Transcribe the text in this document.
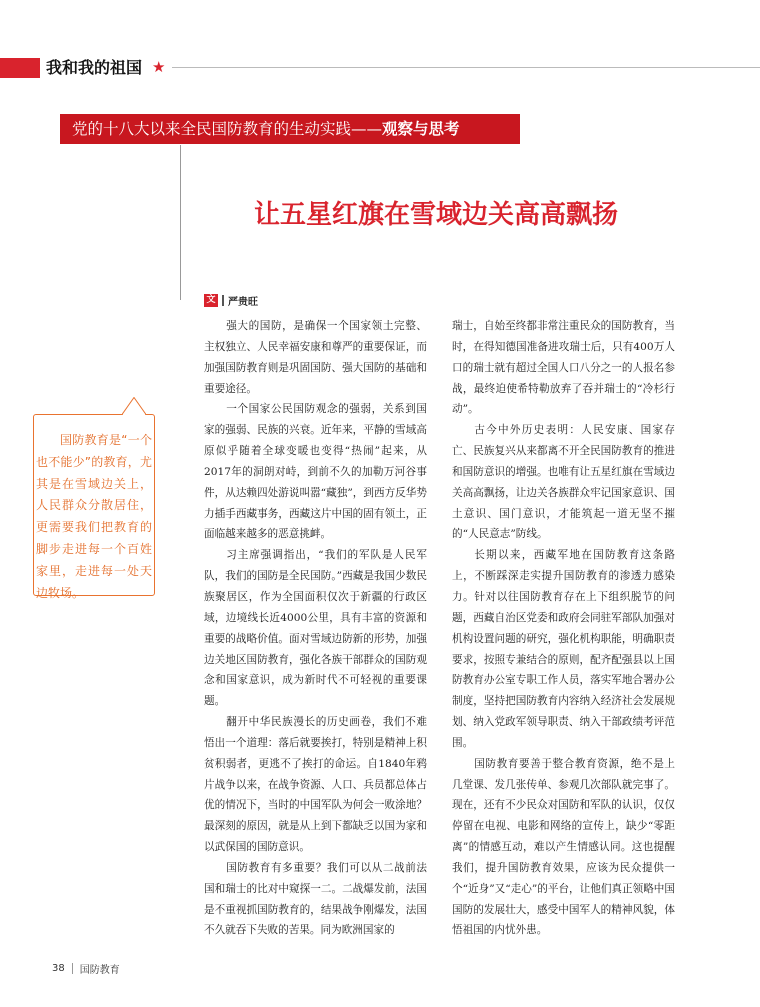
我和我的祖国 ★
党的十八大以来全民国防教育的生动实践——观察与思考
让五星红旗在雪域边关高高飘扬
文 严贵旺
国防教育是“一个也不能少”的教育，尤其是在雪域边关上，人民群众分散居住，更需要我们把教育的脚步走进每一个百姓家里，走进每一处天边牧场。

强大的国防，是确保一个国家领土完整、主权独立、人民幸福安康和尊严的重要保证，而加强国防教育则是巩固国防、强大国防的基础和重要途径。

一个国家公民国防观念的强弱，关系到国家的强弱、民族的兴衰。近年来，平静的雪域高原似乎随着全球变暖也变得“热闹”起来，从2017年的洞朗对峙，到前不久的加勒万河谷事件，从达赖四处游说叫嚣“藏独”，到西方反华势力插手西藏事务，西藏这片中国的固有领土，正面临越来越多的恶意挑衅。

习主席强调指出，“我们的军队是人民军队，我们的国防是全民国防。”西藏是我国少数民族聚居区，作为全国面积仅次于新疆的行政区域，边境线长近4000公里，具有丰富的资源和重要的战略价值。面对雪域边防新的形势，加强边关地区国防教育，强化各族干部群众的国防观念和国家意识，成为新时代不可轻视的重要课题。

翻开中华民族漫长的历史画卷，我们不难悟出一个道理：落后就要挨打，特别是精神上积贫积弱者，更逃不了挨打的命运。自1840年鸦片战争以来，在战争资源、人口、兵员都总体占优的情况下，当时的中国军队为何会一败涂地？最深刻的原因，就是从上到下都缺乏以国为家和以武保国的国防意识。

国防教育有多重要？我们可以从二战前法国和瑞士的比对中窥探一二。二战爆发前，法国是不重视抓国防教育的，结果战争刚爆发，法国不久就吞下失败的苦果。同为欧洲国家的

瑞士，自始至终都非常注重民众的国防教育，当时，在得知德国准备进攻瑞士后，只有400万人口的瑞士就有超过全国人口八分之一的人报名参战，最终迫使希特勒放弃了吞并瑞士的“冷杉行动”。

古今中外历史表明：人民安康、国家存亡、民族复兴从来都离不开全民国防教育的推进和国防意识的增强。也唯有让五星红旗在雪域边关高高飘扬，让边关各族群众牢记国家意识、国土意识、国门意识，才能筑起一道无坚不摧的“人民意志”防线。

长期以来，西藏军地在国防教育这条路上，不断踩深走实提升国防教育的渗透力感染力。针对以往国防教育存在上下组织脱节的问题，西藏自治区党委和政府会同驻军部队加强对机构设置问题的研究，强化机构职能，明确职责要求，按照专兼结合的原则，配齐配强县以上国防教育办公室专职工作人员，落实军地合署办公制度，坚持把国防教育内容纳入经济社会发展规划、纳入党政军领导职责、纳入干部政绩考评范围。

国防教育要善于整合教育资源，绝不是上几堂课、发几张传单、参观几次部队就完事了。现在，还有不少民众对国防和军队的认识，仅仅停留在电视、电影和网络的宣传上，缺少“零距离”的情感互动，难以产生情感认同。这也提醒我们，提升国防教育效果，应该为民众提供一个“近身”又“走心”的平台，让他们真正领略中国国防的发展壮大，感受中国军人的精神风貌，体悟祖国的内忧外患。

38 国防教育
